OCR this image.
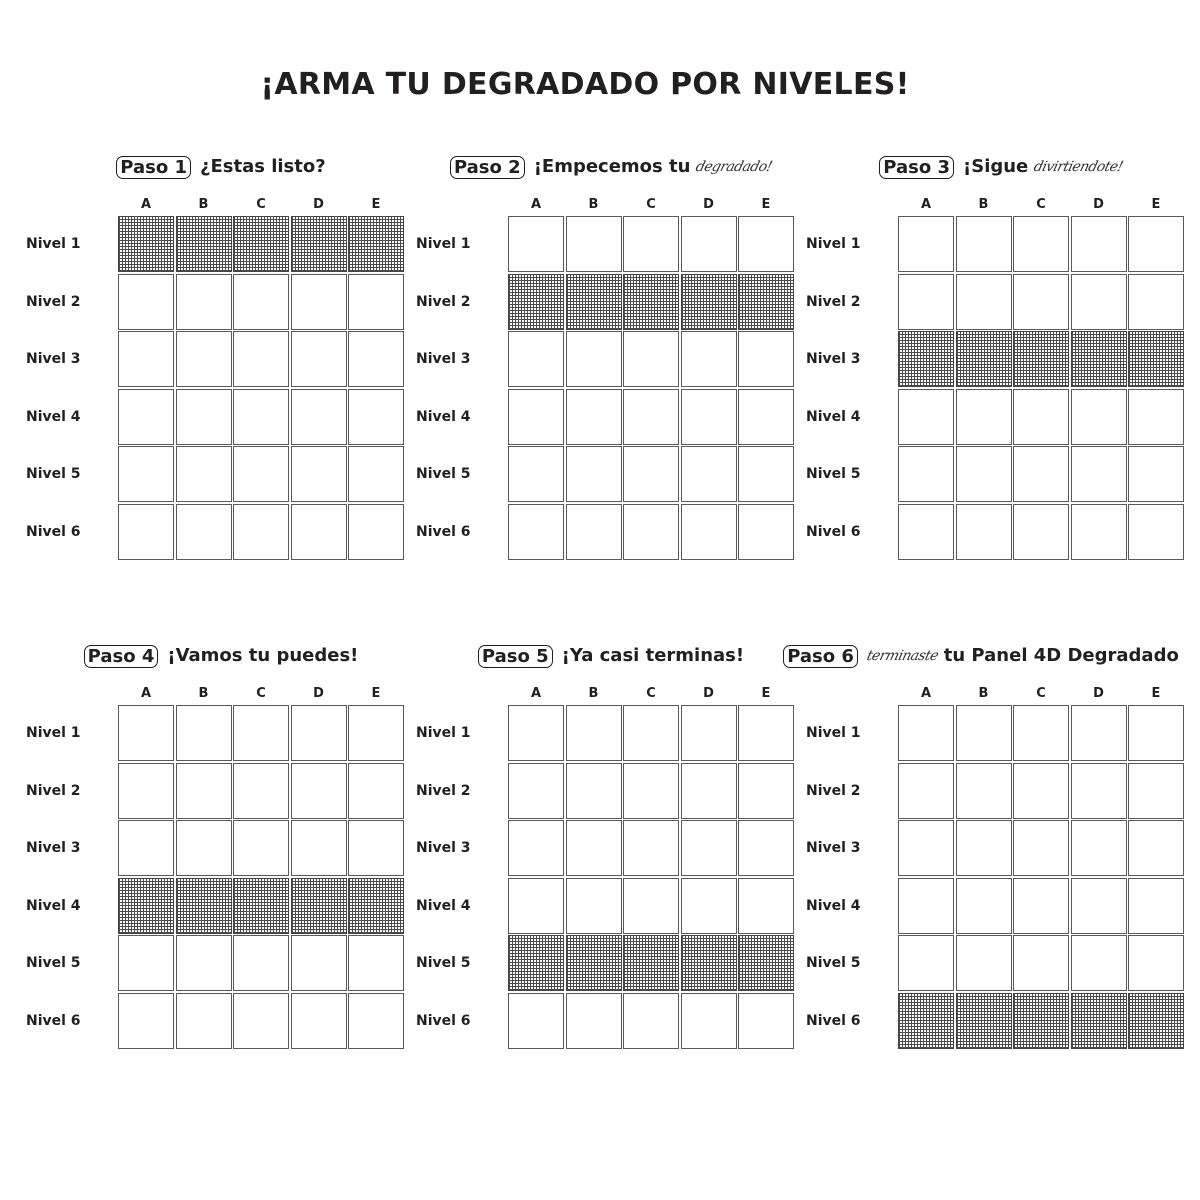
¡ARMA TU DEGRADADO POR NIVELES!
Paso 1 ¿Estas listo?
A	B	C	D	E
Nivel 1
Nivel 2
Nivel 3
Nivel 4
Nivel 5
Nivel 6
Paso 2 ¡Empecemos tu degradado!
A	B	C	D	E
Nivel 1
Nivel 2
Nivel 3
Nivel 4
Nivel 5
Nivel 6
Paso 3 ¡Sigue divirtiendote!
A	B	C	D	E
Nivel 1
Nivel 2
Nivel 3
Nivel 4
Nivel 5
Nivel 6
Paso 4 ¡Vamos tu puedes!
A	B	C	D	E
Nivel 1
Nivel 2
Nivel 3
Nivel 4
Nivel 5
Nivel 6
Paso 5 ¡Ya casi terminas!
A	B	C	D	E
Nivel 1
Nivel 2
Nivel 3
Nivel 4
Nivel 5
Nivel 6
Paso 6 terminaste tu Panel 4D Degradado
A	B	C	D	E
Nivel 1
Nivel 2
Nivel 3
Nivel 4
Nivel 5
Nivel 6
